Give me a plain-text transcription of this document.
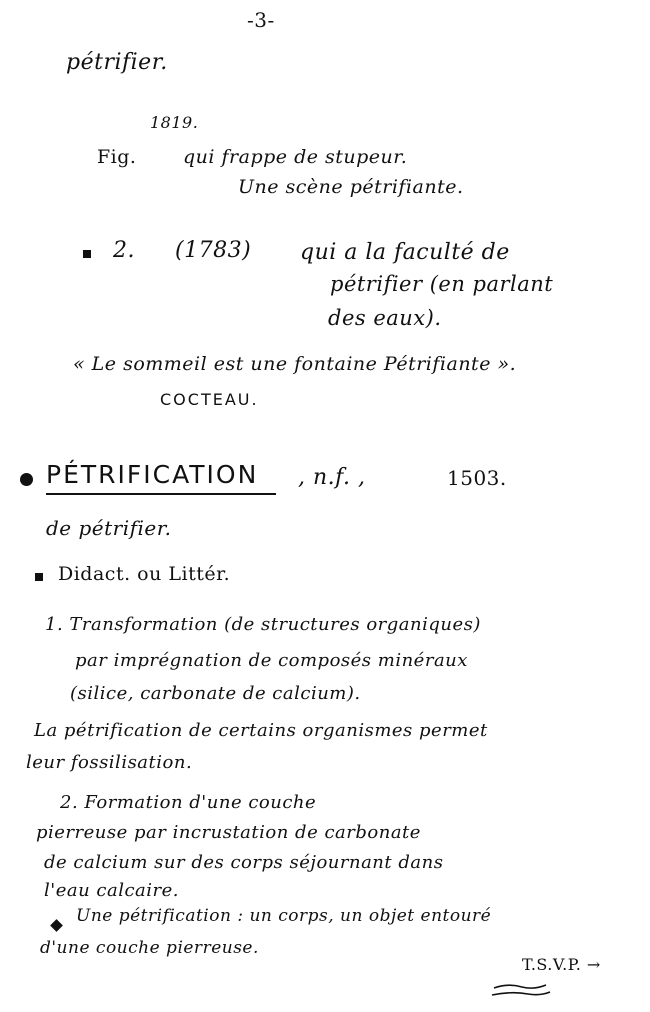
-3-
pétrifier.
1819.
Fig. qui frappe de stupeur.
Une scène pétrifiante.
2. (1783) qui a la faculté de
pétrifier (en parlant
des eaux).
« Le sommeil est une fontaine Pétrifiante ».
COCTEAU.
PÉTRIFICATION , n.f. ,	1503.
de pétrifier.
Didact. ou Littér.
1. Transformation (de structures organiques)
par imprégnation de composés minéraux
(silice, carbonate de calcium).
La pétrification de certains organismes permet
leur fossilisation.
2. Formation d'une couche
pierreuse par incrustation de carbonate
de calcium sur des corps séjournant dans
l'eau calcaire.
Une pétrification : un corps, un objet entouré
d'une couche pierreuse.
T.S.V.P. →
